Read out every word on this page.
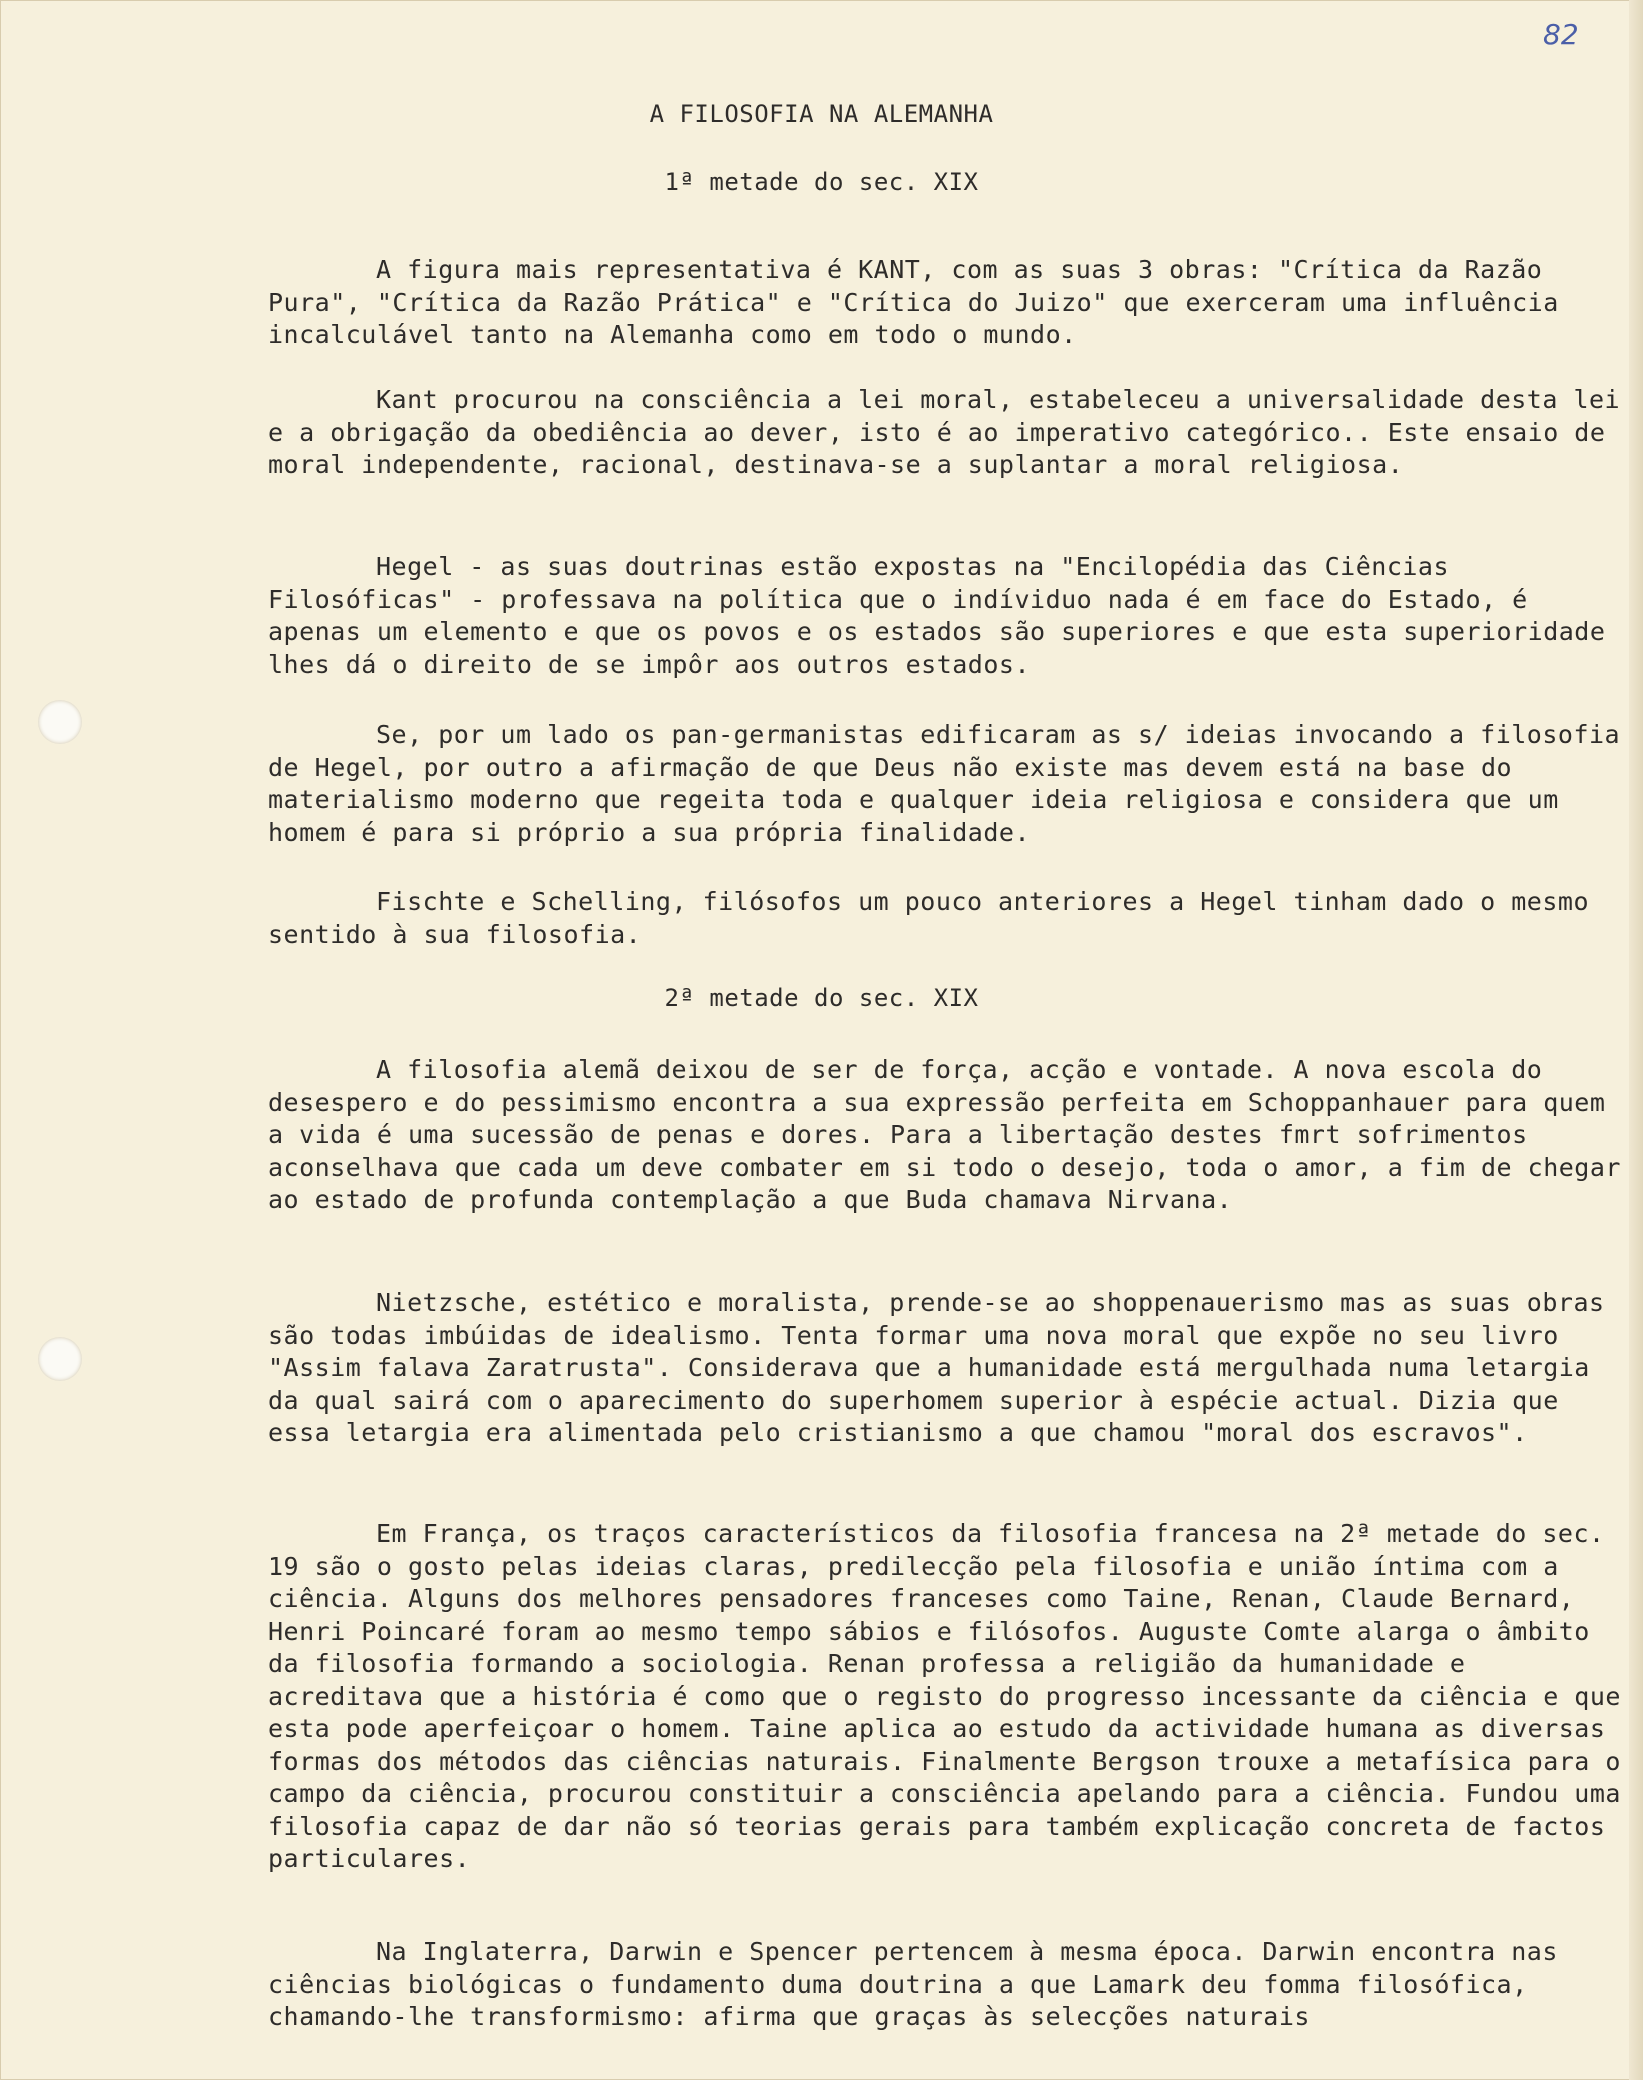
82

A FILOSOFIA NA ALEMANHA
1ª metade do sec. XIX

A figura mais representativa é KANT, com as suas 3 obras: "Crítica da Razão Pura", "Crítica da Razão Prática" e "Crítica do Juizo" que exerceram uma influência incalculável tanto na Alemanha como em todo o mundo.

Kant procurou na consciência a lei moral, estabeleceu a universalidade desta lei e a obrigação da obediência ao dever, isto é ao imperativo categórico.. Este ensaio de moral independente, racional, destinava-se a suplantar a moral religiosa.

Hegel - as suas doutrinas estão expostas na "Encilopédia das Ciências Filosóficas" - professava na política que o indíviduo nada é em face do Estado, é apenas um elemento e que os povos e os estados são superiores e que esta superioridade lhes dá o direito de se impôr aos outros estados.

Se, por um lado os pan-germanistas edificaram as s/ ideias invocando a filosofia de Hegel, por outro a afirmação de que Deus não existe mas devem está na base do materialismo moderno que regeita toda e qualquer ideia religiosa e considera que um homem é para si próprio a sua própria finalidade.

Fischte e Schelling, filósofos um pouco anteriores a Hegel tinham dado o mesmo sentido à sua filosofia.

2ª metade do sec. XIX

A filosofia alemã deixou de ser de força, acção e vontade. A nova escola do desespero e do pessimismo encontra a sua expressão perfeita em Schoppanhauer para quem a vida é uma sucessão de penas e dores. Para a libertação destes fmrt sofrimentos aconselhava que cada um deve combater em si todo o desejo, toda o amor, a fim de chegar ao estado de profunda contemplação a que Buda chamava Nirvana.

Nietzsche, estético e moralista, prende-se ao shoppenauerismo mas as suas obras são todas imbúidas de idealismo. Tenta formar uma nova moral que expõe no seu livro "Assim falava Zaratrusta". Considerava que a humanidade está mergulhada numa letargia da qual sairá com o aparecimento do superhomem superior à espécie actual. Dizia que essa letargia era alimentada pelo cristianismo a que chamou "moral dos escravos".

Em França, os traços característicos da filosofia francesa na 2ª metade do sec. 19 são o gosto pelas ideias claras, predilecção pela filosofia e união íntima com a ciência. Alguns dos melhores pensadores franceses como Taine, Renan, Claude Bernard, Henri Poincaré foram ao mesmo tempo sábios e filósofos. Auguste Comte alarga o âmbito da filosofia formando a sociologia. Renan professa a religião da humanidade e acreditava que a história é como que o registo do progresso incessante da ciência e que esta pode aperfeiçoar o homem. Taine aplica ao estudo da actividade humana as diversas formas dos métodos das ciências naturais. Finalmente Bergson trouxe a metafísica para o campo da ciência, procurou constituir a consciência apelando para a ciência. Fundou uma filosofia capaz de dar não só teorias gerais para também explicação concreta de factos particulares.

Na Inglaterra, Darwin e Spencer pertencem à mesma época. Darwin encontra nas ciências biológicas o fundamento duma doutrina a que Lamark deu fomma filosófica, chamando-lhe transformismo: afirma que graças às selecções naturais
